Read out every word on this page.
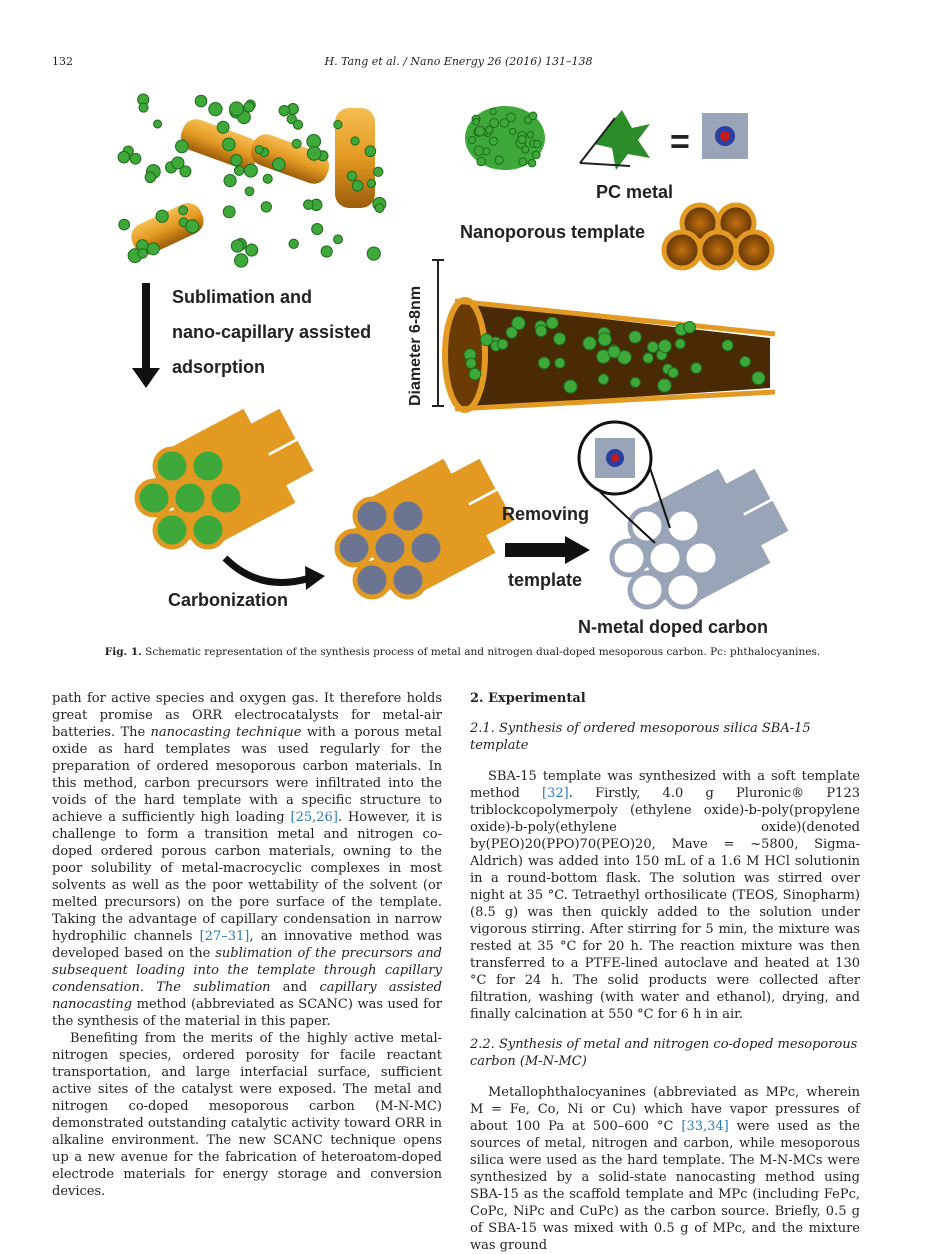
132	H. Tang et al. / Nano Energy 26 (2016) 131–138
=
PC metal
Nanoporous template
Sublimation and
nano-capillary assisted
adsorption	Diameter 6-8nm
Carbonization
Removing
template
N-metal doped carbon
Fig. 1. Schematic representation of the synthesis process of metal and nitrogen dual-doped mesoporous carbon. Pc: phthalocyanines.

path for active species and oxygen gas. It therefore holds great promise as ORR electrocatalysts for metal-air batteries. The nanocasting technique with a porous metal oxide as hard templates was used regularly for the preparation of ordered mesoporous carbon materials. In this method, carbon precursors were infiltrated into the voids of the hard template with a specific structure to achieve a sufficiently high loading [25,26]. However, it is challenge to form a transition metal and nitrogen co-doped ordered porous carbon materials, owning to the poor solubility of metal-macrocyclic complexes in most solvents as well as the poor wettability of the solvent (or melted precursors) on the pore surface of the template. Taking the advantage of capillary condensation in narrow hydrophilic channels [27–31], an innovative method was developed based on the sublimation of the precursors and subsequent loading into the template through capillary condensation. The sublimation and capillary assisted nanocasting method (abbreviated as SCANC) was used for the synthesis of the material in this paper.

Benefiting from the merits of the highly active metal-nitrogen species, ordered porosity for facile reactant transportation, and large interfacial surface, sufficient active sites of the catalyst were exposed. The metal and nitrogen co-doped mesoporous carbon (M-N-MC) demonstrated outstanding catalytic activity toward ORR in alkaline environment. The new SCANC technique opens up a new avenue for the fabrication of heteroatom-doped electrode materials for energy storage and conversion devices.

2. Experimental
2.1. Synthesis of ordered mesoporous silica SBA-15 template

SBA-15 template was synthesized with a soft template method [32]. Firstly, 4.0 g Pluronic® P123 triblockcopolymerpoly (ethylene oxide)-b-poly(propylene oxide)-b-poly(ethylene oxide)(denoted by(PEO)20(PPO)70(PEO)20, Mave = ~5800, Sigma-Aldrich) was added into 150 mL of a 1.6 M HCl solutionin in a round-bottom flask. The solution was stirred over night at 35 °C. Tetraethyl orthosilicate (TEOS, Sinopharm) (8.5 g) was then quickly added to the solution under vigorous stirring. After stirring for 5 min, the mixture was rested at 35 °C for 20 h. The reaction mixture was then transferred to a PTFE-lined autoclave and heated at 130 °C for 24 h. The solid products were collected after filtration, washing (with water and ethanol), drying, and finally calcination at 550 °C for 6 h in air.

2.2. Synthesis of metal and nitrogen co-doped mesoporous carbon (M-N-MC)

Metallophthalocyanines (abbreviated as MPc, wherein M = Fe, Co, Ni or Cu) which have vapor pressures of about 100 Pa at 500–600 °C [33,34] were used as the sources of metal, nitrogen and carbon, while mesoporous silica were used as the hard template. The M-N-MCs were synthesized by a solid-state nanocasting method using SBA-15 as the scaffold template and MPc (including FePc, CoPc, NiPc and CuPc) as the carbon source. Briefly, 0.5 g of SBA-15 was mixed with 0.5 g of MPc, and the mixture was ground
